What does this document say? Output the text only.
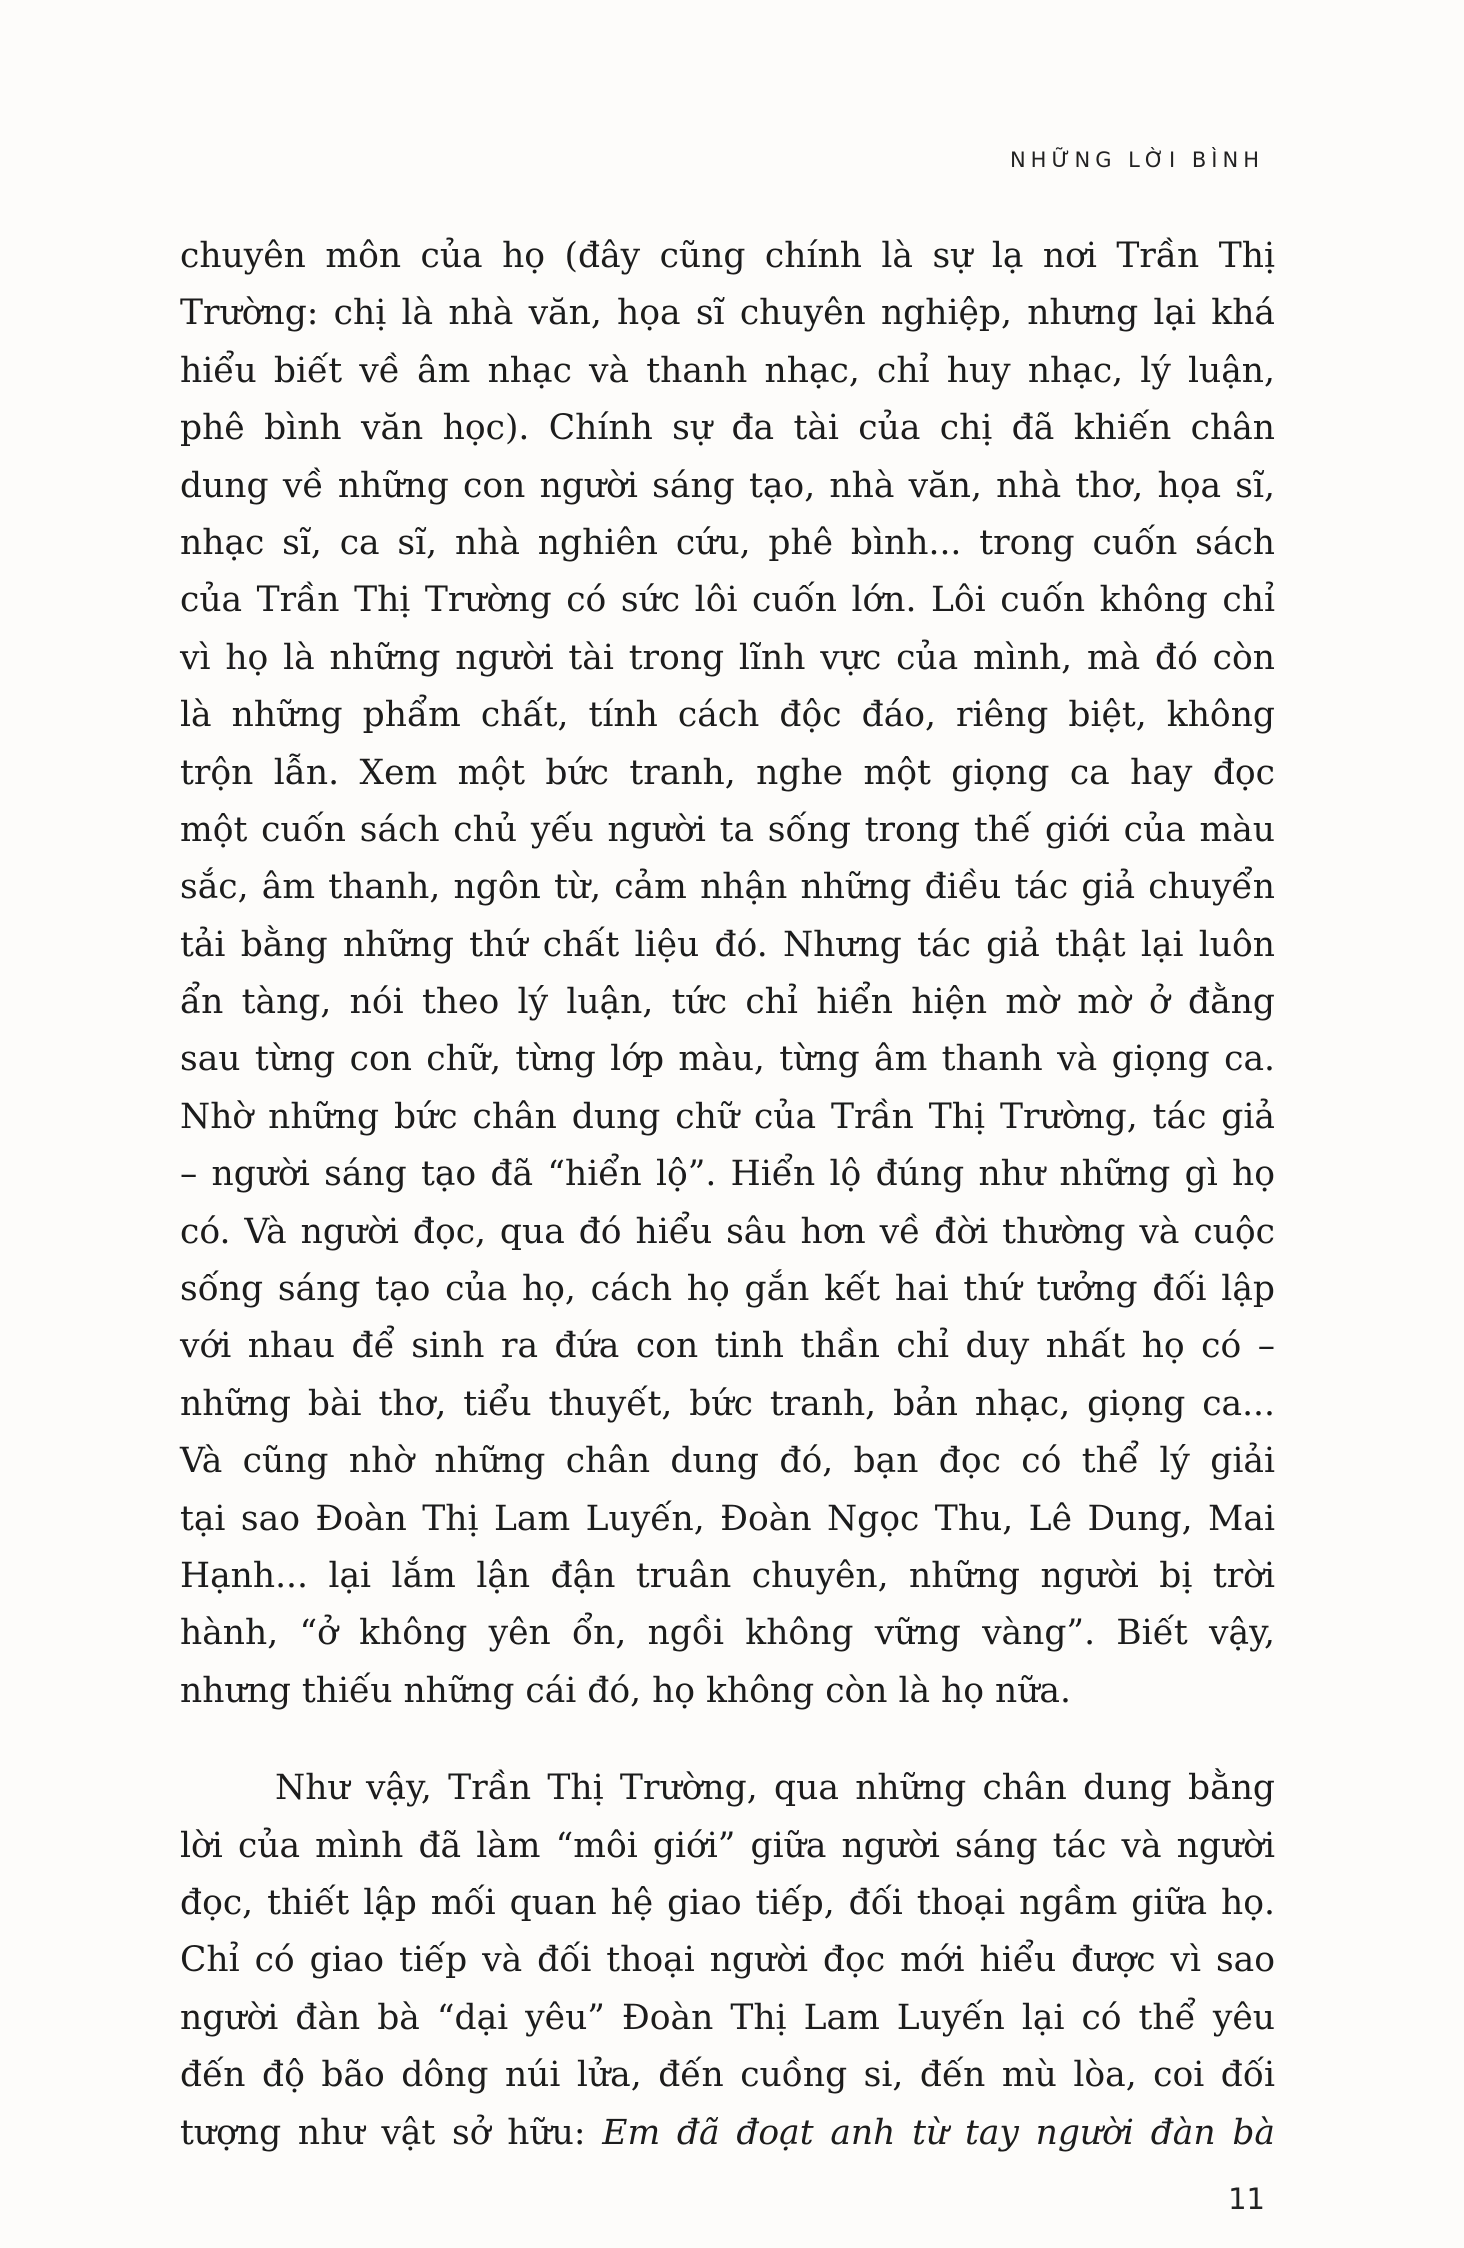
NHỮNG LỜI BÌNH
chuyên môn của họ (đây cũng chính là sự lạ nơi Trần Thị
Trường: chị là nhà văn, họa sĩ chuyên nghiệp, nhưng lại khá
hiểu biết về âm nhạc và thanh nhạc, chỉ huy nhạc, lý luận,
phê bình văn học). Chính sự đa tài của chị đã khiến chân
dung về những con người sáng tạo, nhà văn, nhà thơ, họa sĩ,
nhạc sĩ, ca sĩ, nhà nghiên cứu, phê bình... trong cuốn sách
của Trần Thị Trường có sức lôi cuốn lớn. Lôi cuốn không chỉ
vì họ là những người tài trong lĩnh vực của mình, mà đó còn
là những phẩm chất, tính cách độc đáo, riêng biệt, không
trộn lẫn. Xem một bức tranh, nghe một giọng ca hay đọc
một cuốn sách chủ yếu người ta sống trong thế giới của màu
sắc, âm thanh, ngôn từ, cảm nhận những điều tác giả chuyển
tải bằng những thứ chất liệu đó. Nhưng tác giả thật lại luôn
ẩn tàng, nói theo lý luận, tức chỉ hiển hiện mờ mờ ở đằng
sau từng con chữ, từng lớp màu, từng âm thanh và giọng ca.
Nhờ những bức chân dung chữ của Trần Thị Trường, tác giả
– người sáng tạo đã “hiển lộ”. Hiển lộ đúng như những gì họ
có. Và người đọc, qua đó hiểu sâu hơn về đời thường và cuộc
sống sáng tạo của họ, cách họ gắn kết hai thứ tưởng đối lập
với nhau để sinh ra đứa con tinh thần chỉ duy nhất họ có –
những bài thơ, tiểu thuyết, bức tranh, bản nhạc, giọng ca...
Và cũng nhờ những chân dung đó, bạn đọc có thể lý giải
tại sao Đoàn Thị Lam Luyến, Đoàn Ngọc Thu, Lê Dung, Mai
Hạnh... lại lắm lận đận truân chuyên, những người bị trời
hành, “ở không yên ổn, ngồi không vững vàng”. Biết vậy,
nhưng thiếu những cái đó, họ không còn là họ nữa.
Như vậy, Trần Thị Trường, qua những chân dung bằng
lời của mình đã làm “môi giới” giữa người sáng tác và người
đọc, thiết lập mối quan hệ giao tiếp, đối thoại ngầm giữa họ.
Chỉ có giao tiếp và đối thoại người đọc mới hiểu được vì sao
người đàn bà “dại yêu” Đoàn Thị Lam Luyến lại có thể yêu
đến độ bão dông núi lửa, đến cuồng si, đến mù lòa, coi đối
tượng như vật sở hữu: Em đã đoạt anh từ tay người đàn bà
11
